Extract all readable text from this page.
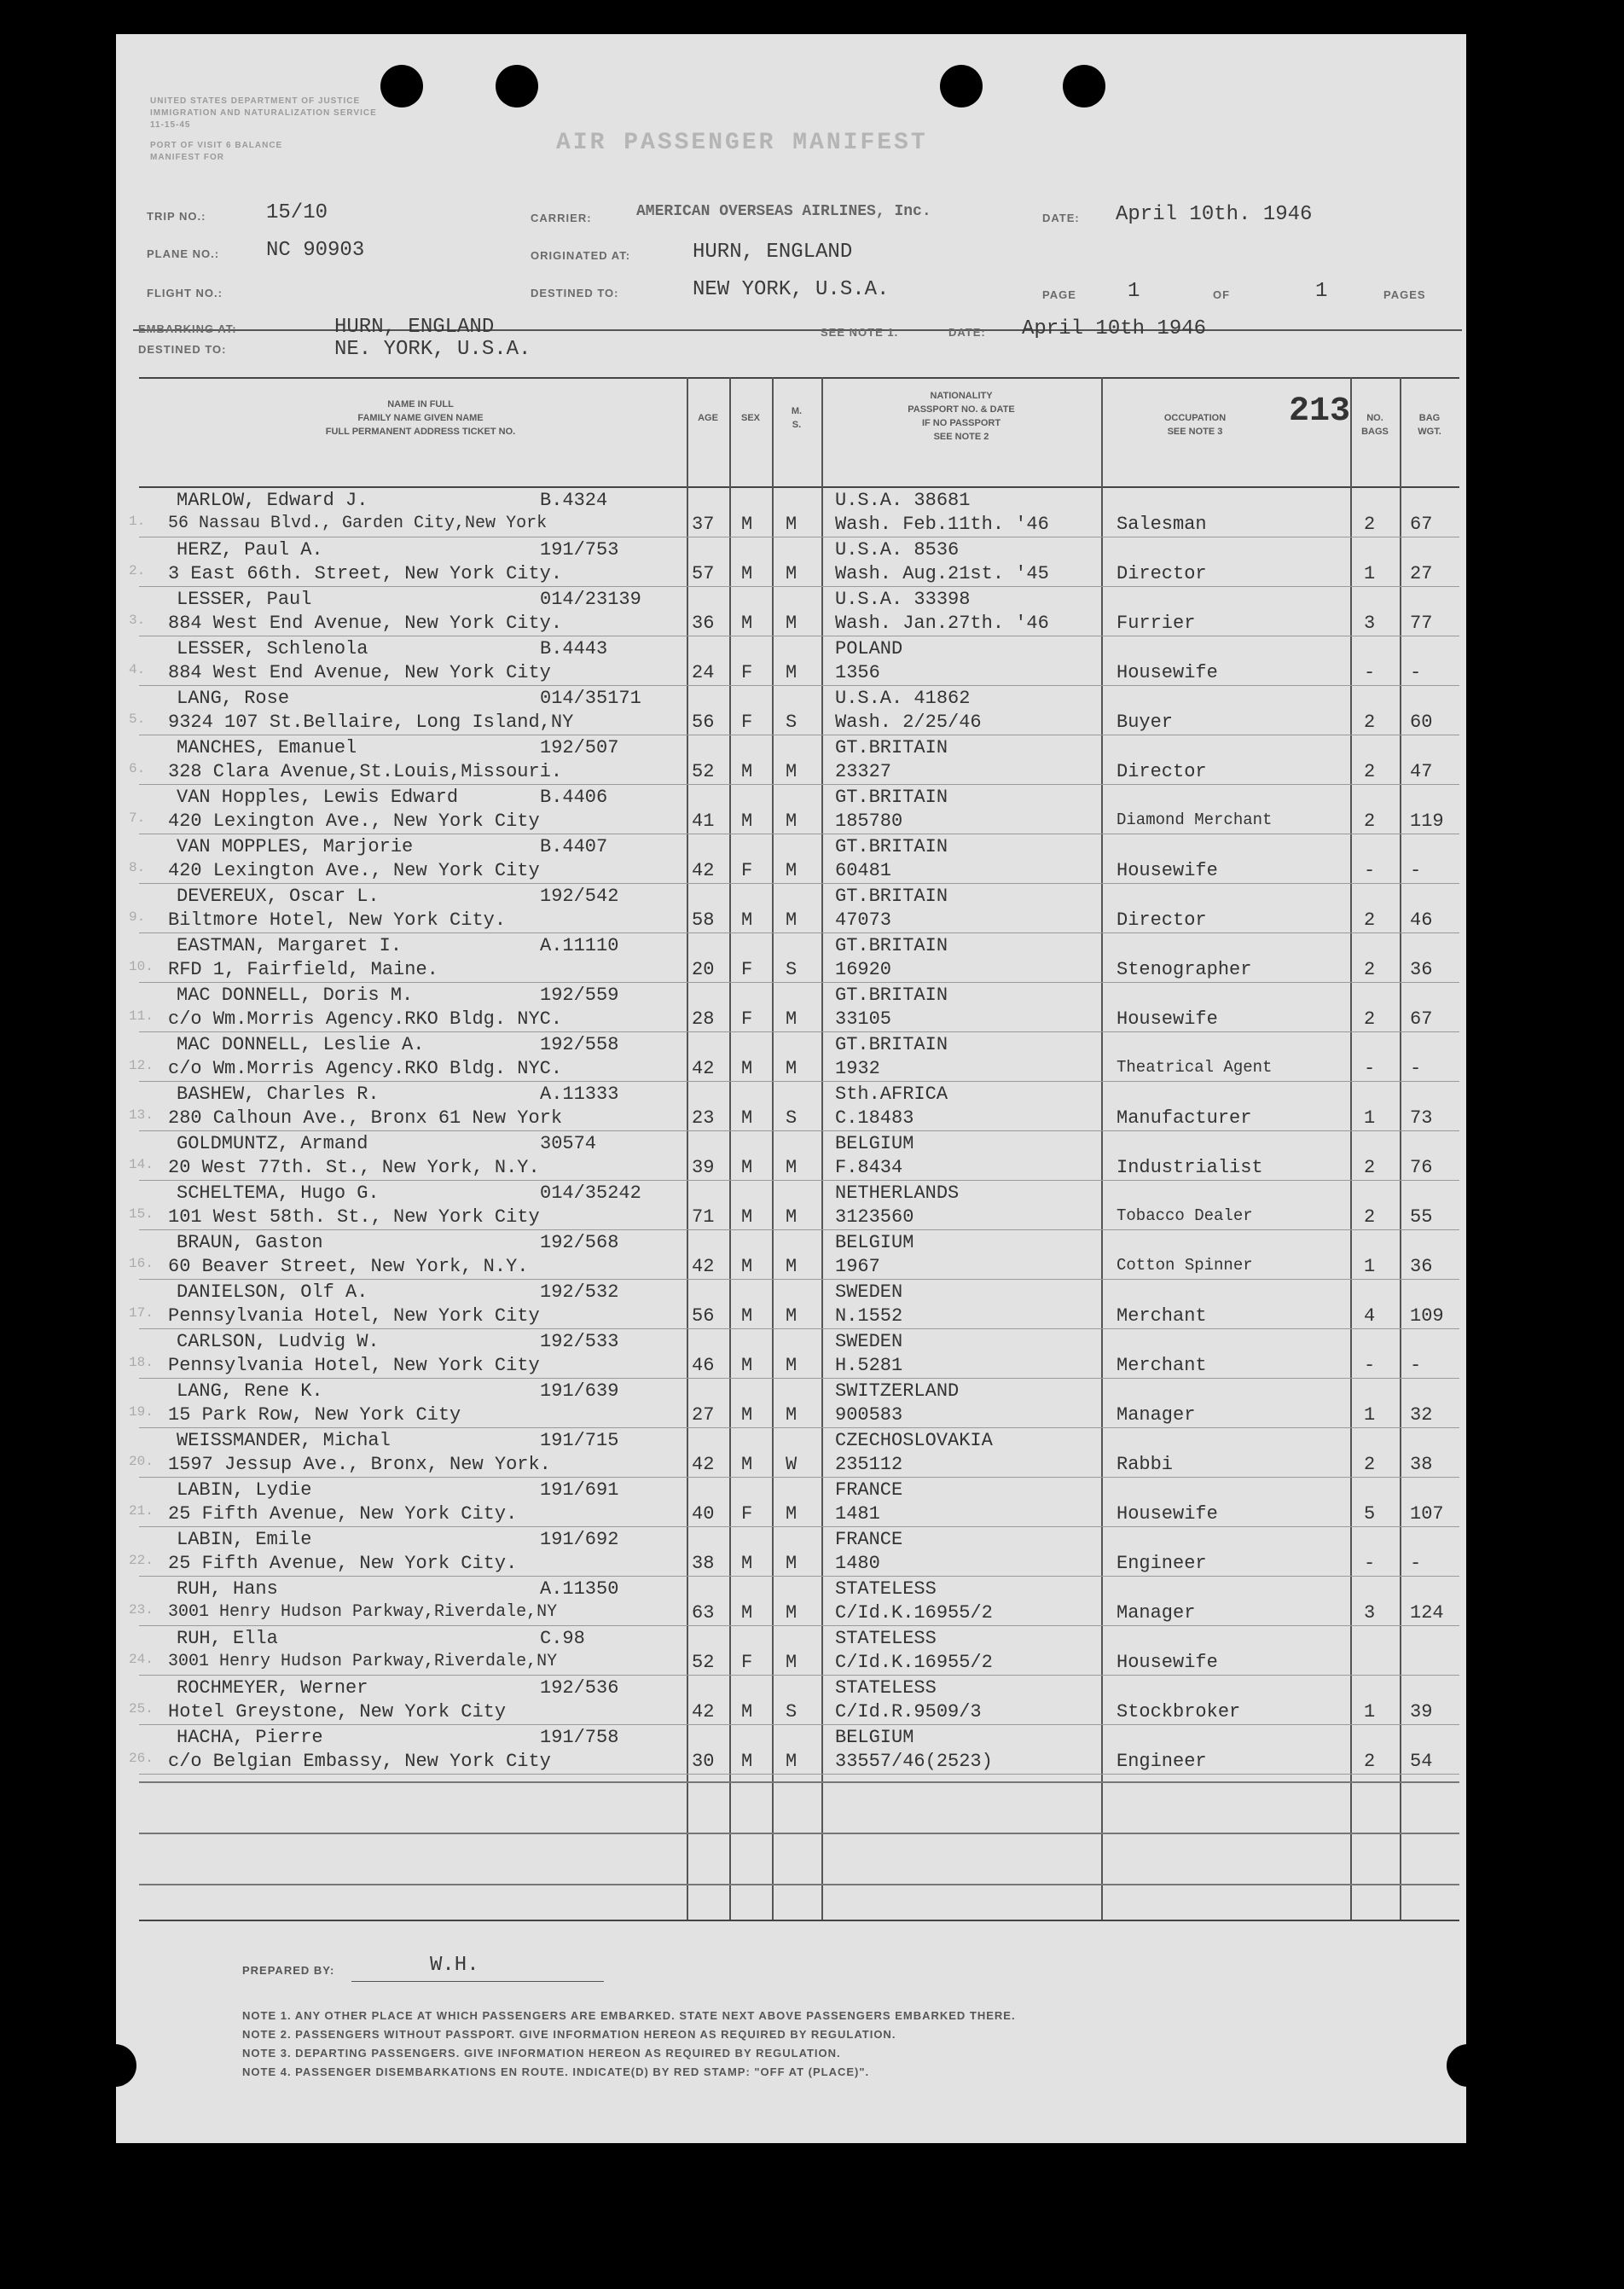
UNITED STATES DEPARTMENT OF JUSTICE
IMMIGRATION AND NATURALIZATION SERVICE
11-15-45
PORT OF VISIT 6 BALANCE
MANIFEST FOR
AIR PASSENGER MANIFEST
TRIP NO.:	15/10
PLANE NO.: NC 90903
FLIGHT NO.:
CARRIER:	AMERICAN OVERSEAS AIRLINES, Inc.
ORIGINATED AT:	HURN, ENGLAND
DESTINED TO:	NEW YORK, U.S.A.
DATE: April 10th. 1946
PAGE	1	OF	1	PAGES
EMBARKING AT:	HURN, ENGLAND
DESTINED TO:	NE. YORK, U.S.A.
SEE NOTE 1.	DATE: April 10th 1946
NAME IN FULL
FAMILY NAME GIVEN NAME
FULL PERMANENT ADDRESS TICKET NO.
AGE	SEX
M.
S.
NATIONALITY
PASSPORT NO. & DATE
IF NO PASSPORT
SEE NOTE 2
OCCUPATION
SEE NOTE 3
213	NO.
BAGS
BAG
WGT.
1.
MARLOW, Edward J.	B.4324
56 Nassau Blvd., Garden City,New York	37 M M
U.S.A. 38681
Wash. Feb.11th. '46	Salesman	2 67
2.
HERZ, Paul A.	191/753
3 East 66th. Street, New York City.	57 M M
U.S.A. 8536
Wash. Aug.21st. '45	Director	1 27
3.
LESSER, Paul	014/23139
884 West End Avenue, New York City.	36 M M
U.S.A. 33398
Wash. Jan.27th. '46	Furrier	3 77
4.
LESSER, Schlenola	B.4443
884 West End Avenue, New York City	24 F M
POLAND
1356	Housewife	- -
5.
LANG, Rose	014/35171
9324 107 St.Bellaire, Long Island,NY	56 F S
U.S.A. 41862
Wash. 2/25/46	Buyer	2 60
6.
MANCHES, Emanuel	192/507
328 Clara Avenue,St.Louis,Missouri.	52 M M
GT.BRITAIN
23327	Director	2 47
7.
VAN Hopples, Lewis Edward	B.4406
420 Lexington Ave., New York City	41 M M
GT.BRITAIN
185780	Diamond Merchant	2 119
8.
VAN MOPPLES, Marjorie	B.4407
420 Lexington Ave., New York City	42 F M
GT.BRITAIN
60481	Housewife	- -
9.
DEVEREUX, Oscar L.	192/542
Biltmore Hotel, New York City.	58 M M
GT.BRITAIN
47073	Director	2 46
10.
EASTMAN, Margaret I.	A.11110
RFD 1, Fairfield, Maine.	20 F S
GT.BRITAIN
16920	Stenographer	2 36
11.
MAC DONNELL, Doris M.	192/559
c/o Wm.Morris Agency.RKO Bldg. NYC.	28 F M
GT.BRITAIN
33105	Housewife	2 67
12.
MAC DONNELL, Leslie A.	192/558
c/o Wm.Morris Agency.RKO Bldg. NYC.	42 M M
GT.BRITAIN
1932	Theatrical Agent	- -
13.
BASHEW, Charles R.	A.11333
280 Calhoun Ave., Bronx 61 New York	23 M S
Sth.AFRICA
C.18483	Manufacturer	1 73
14.
GOLDMUNTZ, Armand	30574
20 West 77th. St., New York, N.Y.	39 M M
BELGIUM
F.8434	Industrialist	2 76
15.
SCHELTEMA, Hugo G.	014/35242
101 West 58th. St., New York City	71 M M
NETHERLANDS
3123560	Tobacco Dealer	2 55
16.
BRAUN, Gaston	192/568
60 Beaver Street, New York, N.Y.	42 M M
BELGIUM
1967	Cotton Spinner	1 36
17.
DANIELSON, Olf A.	192/532
Pennsylvania Hotel, New York City	56 M M
SWEDEN
N.1552	Merchant	4 109
18.
CARLSON, Ludvig W.	192/533
Pennsylvania Hotel, New York City	46 M M
SWEDEN
H.5281	Merchant	- -
19.
LANG, Rene K.	191/639
15 Park Row, New York City	27 M M
SWITZERLAND
900583	Manager	1 32
20.
WEISSMANDER, Michal	191/715
1597 Jessup Ave., Bronx, New York.	42 M W
CZECHOSLOVAKIA
235112	Rabbi	2 38
21.
LABIN, Lydie	191/691
25 Fifth Avenue, New York City.	40 F M
FRANCE
1481	Housewife	5 107
22.
LABIN, Emile	191/692
25 Fifth Avenue, New York City.	38 M M
FRANCE
1480	Engineer	- -
23.
RUH, Hans	A.11350
3001 Henry Hudson Parkway,Riverdale,NY	63 M M
STATELESS
C/Id.K.16955/2	Manager	3 124
24.
RUH, Ella	C.98
3001 Henry Hudson Parkway,Riverdale,NY	52 F M
STATELESS
C/Id.K.16955/2	Housewife
25.
ROCHMEYER, Werner	192/536
Hotel Greystone, New York City	42 M S
STATELESS
C/Id.R.9509/3	Stockbroker	1 39
26.
HACHA, Pierre	191/758
c/o Belgian Embassy, New York City	30 M M
BELGIUM
33557/46(2523)	Engineer	2 54
PREPARED BY:	W.H.
NOTE 1. ANY OTHER PLACE AT WHICH PASSENGERS ARE EMBARKED. STATE NEXT ABOVE PASSENGERS EMBARKED THERE.
NOTE 2. PASSENGERS WITHOUT PASSPORT. GIVE INFORMATION HEREON AS REQUIRED BY REGULATION.
NOTE 3. DEPARTING PASSENGERS. GIVE INFORMATION HEREON AS REQUIRED BY REGULATION.
NOTE 4. PASSENGER DISEMBARKATIONS EN ROUTE. INDICATE(D) BY RED STAMP: "OFF AT (PLACE)".
